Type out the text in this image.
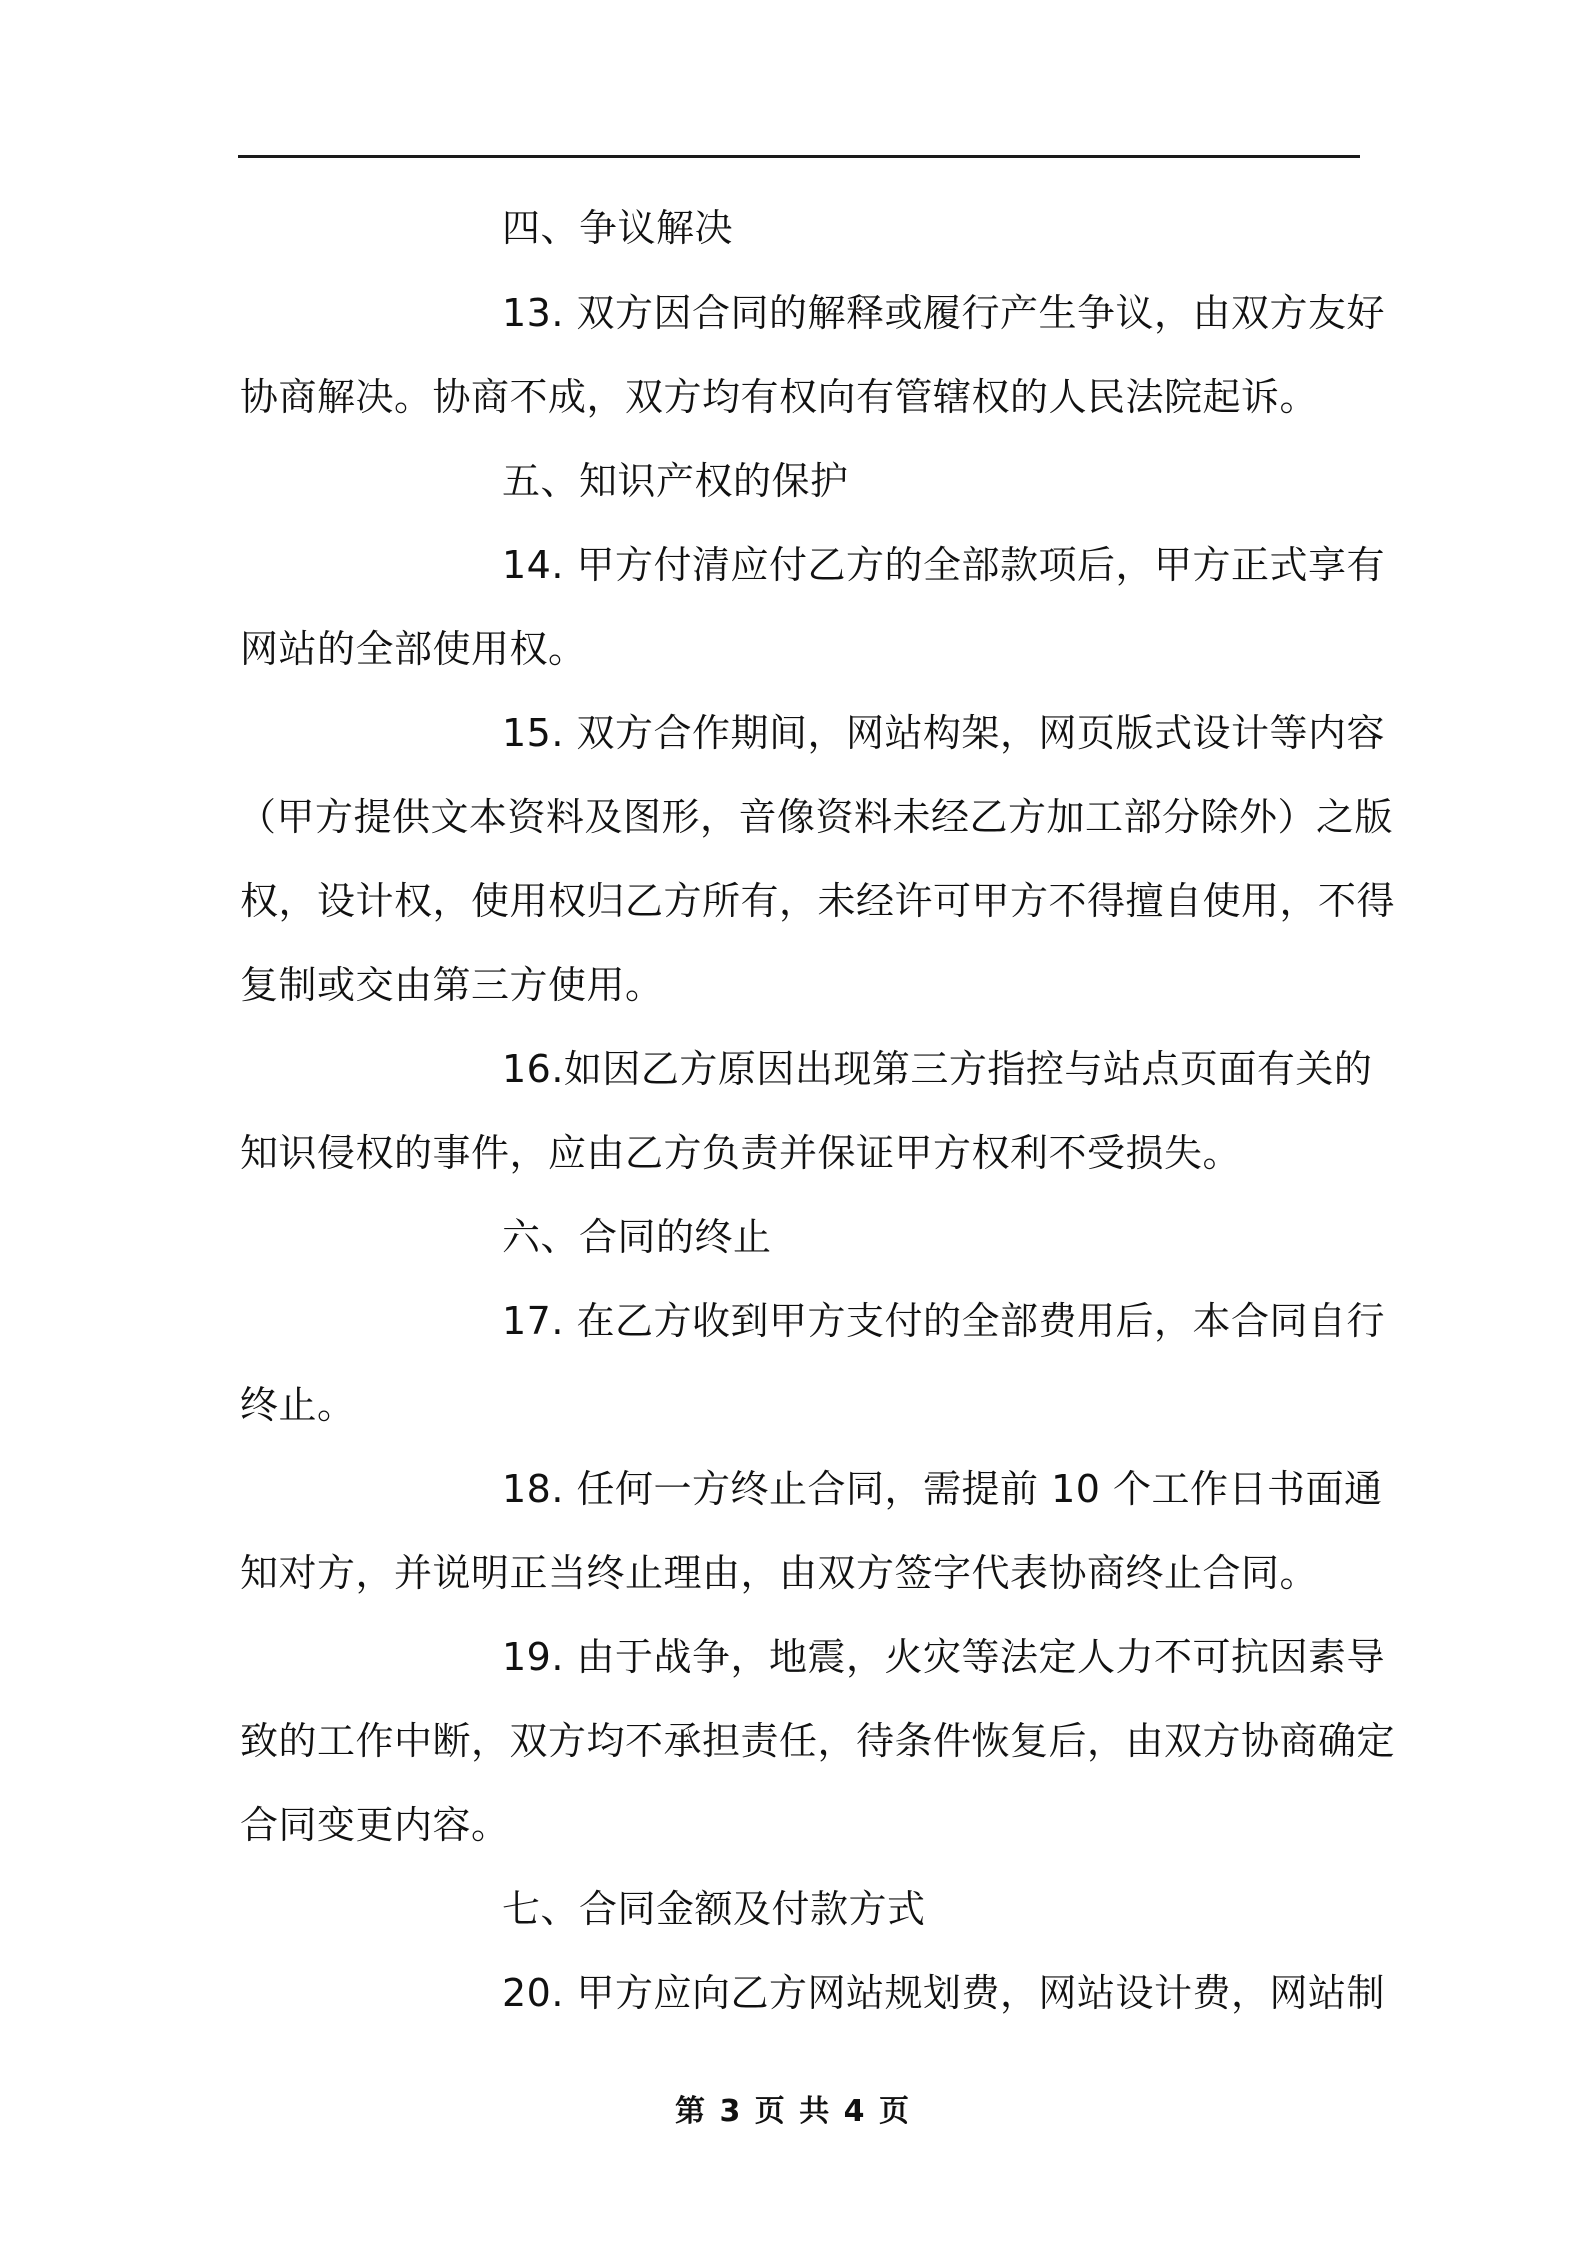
四、争议解决
13. 双方因合同的解释或履行产生争议，由双方友好
协商解决。协商不成，双方均有权向有管辖权的人民法院起诉。
五、知识产权的保护
14. 甲方付清应付乙方的全部款项后，甲方正式享有
网站的全部使用权。
15. 双方合作期间，网站构架，网页版式设计等内容
（甲方提供文本资料及图形，音像资料未经乙方加工部分除外）之版
权，设计权，使用权归乙方所有，未经许可甲方不得擅自使用，不得
复制或交由第三方使用。
16.如因乙方原因出现第三方指控与站点页面有关的
知识侵权的事件，应由乙方负责并保证甲方权利不受损失。
六、合同的终止
17. 在乙方收到甲方支付的全部费用后，本合同自行
终止。
18. 任何一方终止合同，需提前 10 个工作日书面通
知对方，并说明正当终止理由，由双方签字代表协商终止合同。
19. 由于战争，地震，火灾等法定人力不可抗因素导
致的工作中断，双方均不承担责任，待条件恢复后，由双方协商确定
合同变更内容。
七、合同金额及付款方式
20. 甲方应向乙方网站规划费，网站设计费，网站制
第 3 页 共 4 页
